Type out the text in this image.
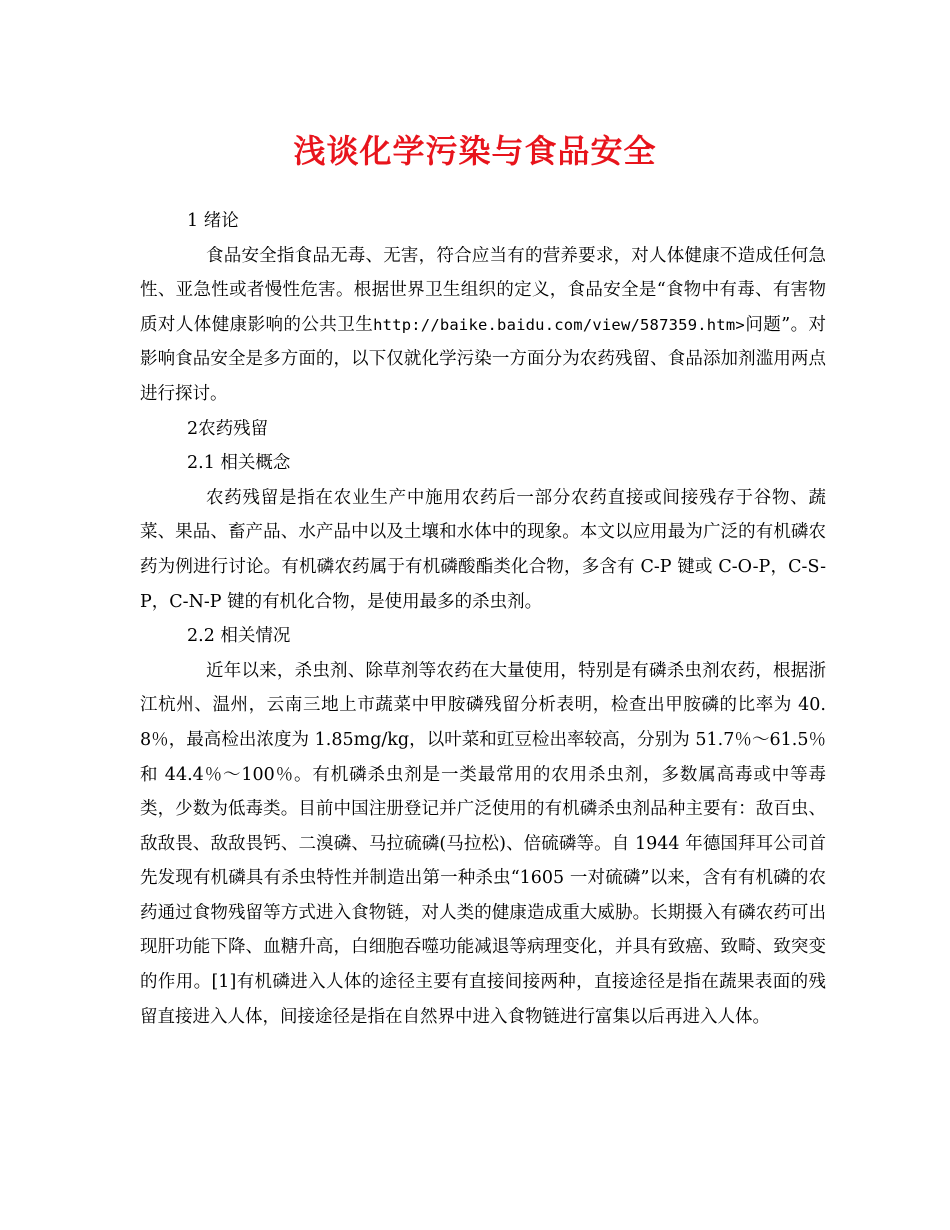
浅谈化学污染与食品安全
1 绪论
食品安全指食品无毒、无害，符合应当有的营养要求，对人体健康不造成任何急性、亚急性或者慢性危害。根据世界卫生组织的定义，食品安全是“食物中有毒、有害物质对人体健康影响的公共卫生http://baike.baidu.com/view/587359.htm>问题”。对影响食品安全是多方面的，以下仅就化学污染一方面分为农药残留、食品添加剂滥用两点进行探讨。
2农药残留
2.1 相关概念
农药残留是指在农业生产中施用农药后一部分农药直接或间接残存于谷物、蔬菜、果品、畜产品、水产品中以及土壤和水体中的现象。本文以应用最为广泛的有机磷农药为例进行讨论。有机磷农药属于有机磷酸酯类化合物，多含有 C-P 键或 C-O-P，C-S-P，C-N-P 键的有机化合物，是使用最多的杀虫剂。
2.2 相关情况
近年以来，杀虫剂、除草剂等农药在大量使用，特别是有磷杀虫剂农药，根据浙江杭州、温州，云南三地上市蔬菜中甲胺磷残留分析表明，检查出甲胺磷的比率为 40.8％，最高检出浓度为 1.85mg/kg，以叶菜和豇豆检出率较高，分别为 51.7％～61.5％和 44.4％～100％。有机磷杀虫剂是一类最常用的农用杀虫剂，多数属高毒或中等毒类，少数为低毒类。目前中国注册登记并广泛使用的有机磷杀虫剂品种主要有：敌百虫、敌敌畏、敌敌畏钙、二溴磷、马拉硫磷(马拉松)、倍硫磷等。自 1944 年德国拜耳公司首先发现有机磷具有杀虫特性并制造出第一种杀虫“1605 一对硫磷”以来，含有有机磷的农药通过食物残留等方式进入食物链，对人类的健康造成重大威胁。长期摄入有磷农药可出现肝功能下降、血糖升高，白细胞吞噬功能减退等病理变化，并具有致癌、致畸、致突变的作用。[1]有机磷进入人体的途径主要有直接间接两种，直接途径是指在蔬果表面的残留直接进入人体，间接途径是指在自然界中进入食物链进行富集以后再进入人体。
